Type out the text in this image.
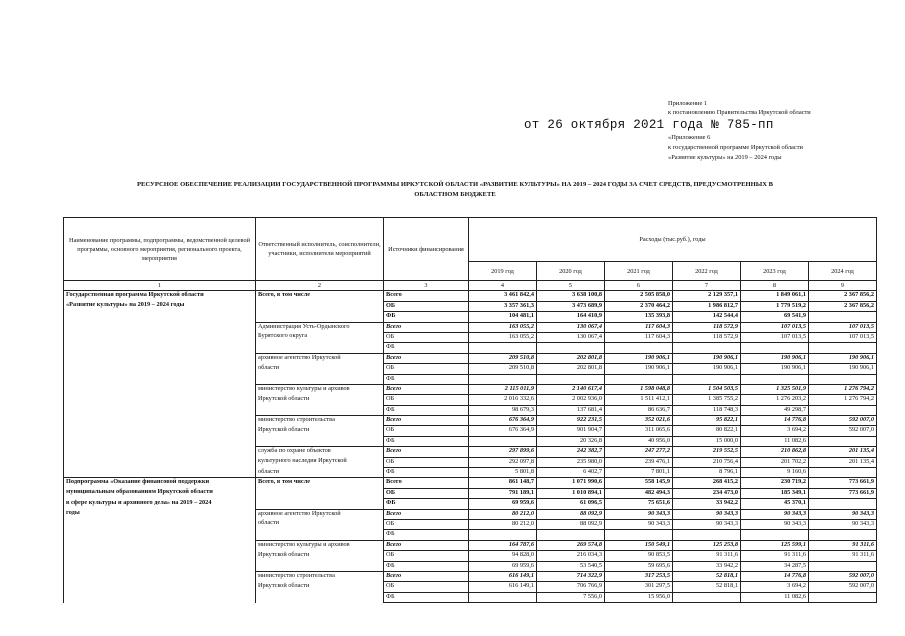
Приложение 1
к постановлению Правительства Иркутской области
от 26 октября 2021 года № 785-пп
«Приложение 6
к государственной программе Иркутской области
«Развитие культуры» на 2019 – 2024 годы
РЕСУРСНОЕ ОБЕСПЕЧЕНИЕ РЕАЛИЗАЦИИ ГОСУДАРСТВЕННОЙ ПРОГРАММЫ ИРКУТСКОЙ ОБЛАСТИ «РАЗВИТИЕ КУЛЬТУРЫ» НА 2019 – 2024 ГОДЫ ЗА СЧЕТ СРЕДСТВ, ПРЕДУСМОТРЕННЫХ В
ОБЛАСТНОМ БЮДЖЕТЕ
Наименование программы, подпрограммы, ведомственной целевой программы, основного мероприятия, регионального проекта, мероприятия	Ответственный исполнитель, соисполнители, участники, исполнители мероприятий	Источники финансирования	Расходы (тыс.руб.), годы					
			2019 год	2020 год	2021 год	2022 год	2023 год	2024 год
1	2	3	4	5	6	7	8	9
Государственная программа Иркутской области	Всего, в том числе	Всего	3 461 842,4	3 638 100,8	2 505 858,0	2 129 357,1	1 849 061,1	2 367 856,2
«Развитие культуры» на 2019 – 2024 годы		ОБ	3 357 361,3	3 473 689,9	2 370 464,2	1 986 812,7	1 779 519,2	2 367 856,2
		ФБ	104 481,1	164 410,9	135 393,8	142 544,4	69 541,9	
	Администрация Усть-Ордынского	Всего	163 055,2	130 067,4	117 604,3	118 572,9	107 013,5	107 013,5
	Бурятского округа	ОБ	163 055,2	130 067,4	117 604,3	118 572,9	107 013,5	107 013,5
		ФБ						
	архивное агентство Иркутской	Всего	209 510,8	202 801,8	190 906,1	190 906,1	190 906,1	190 906,1
	области	ОБ	209 510,8	202 801,8	190 906,1	190 906,1	190 906,1	190 906,1
		ФБ						
	министерство культуры и архивов	Всего	2 115 011,9	2 140 617,4	1 598 048,8	1 504 503,5	1 325 501,9	1 276 794,2
	Иркутской области	ОБ	2 016 332,6	2 002 936,0	1 511 412,1	1 385 755,2	1 276 203,2	1 276 794,2
		ФБ	98 679,3	137 681,4	86 636,7	118 748,3	49 298,7	
	министерство строительства	Всего	676 364,9	922 231,5	352 021,6	95 822,1	14 776,8	592 007,0
	Иркутской области	ОБ	676 364,9	901 904,7	311 065,6	80 822,1	3 694,2	592 007,0
		ФБ		20 326,8	40 956,0	15 000,0	11 082,6	
	служба по охране объектов	Всего	297 899,6	242 382,7	247 277,2	219 552,5	210 862,8	201 135,4
	культурного наследия Иркутской	ОБ	292 097,8	235 980,0	239 476,1	210 756,4	201 702,2	201 135,4
	области	ФБ	5 801,8	6 402,7	7 801,1	8 796,1	9 160,6	
Подпрограмма «Оказание финансовой поддержки	Всего, в том числе	Всего	861 148,7	1 071 990,6	558 145,9	268 415,2	230 719,2	773 661,9
муниципальным образованиям Иркутской области		ОБ	791 189,1	1 010 894,1	482 494,3	234 473,0	185 349,1	773 661,9
в сфере культуры и архивного дела» на 2019 – 2024		ФБ	69 959,6	61 096,5	75 651,6	33 942,2	45 370,1	
годы	архивное агентство Иркутской	Всего	80 212,0	88 092,9	90 343,3	90 343,3	90 343,3	90 343,3
	области	ОБ	80 212,0	88 092,9	90 343,3	90 343,3	90 343,3	90 343,3
		ФБ						
	министерство культуры и архивов	Всего	164 787,6	269 574,8	150 549,1	125 253,8	125 599,1	91 311,6
	Иркутской области	ОБ	94 828,0	216 034,3	90 853,5	91 311,6	91 311,6	91 311,6
		ФБ	69 959,6	53 540,5	59 695,6	33 942,2	34 287,5	
	министерство строительства	Всего	616 149,1	714 322,9	317 253,5	52 818,1	14 776,8	592 007,0
	Иркутской области	ОБ	616 149,1	706 766,9	301 297,5	52 818,1	3 694,2	592 007,0
		ФБ		7 556,0	15 956,0		11 082,6	
